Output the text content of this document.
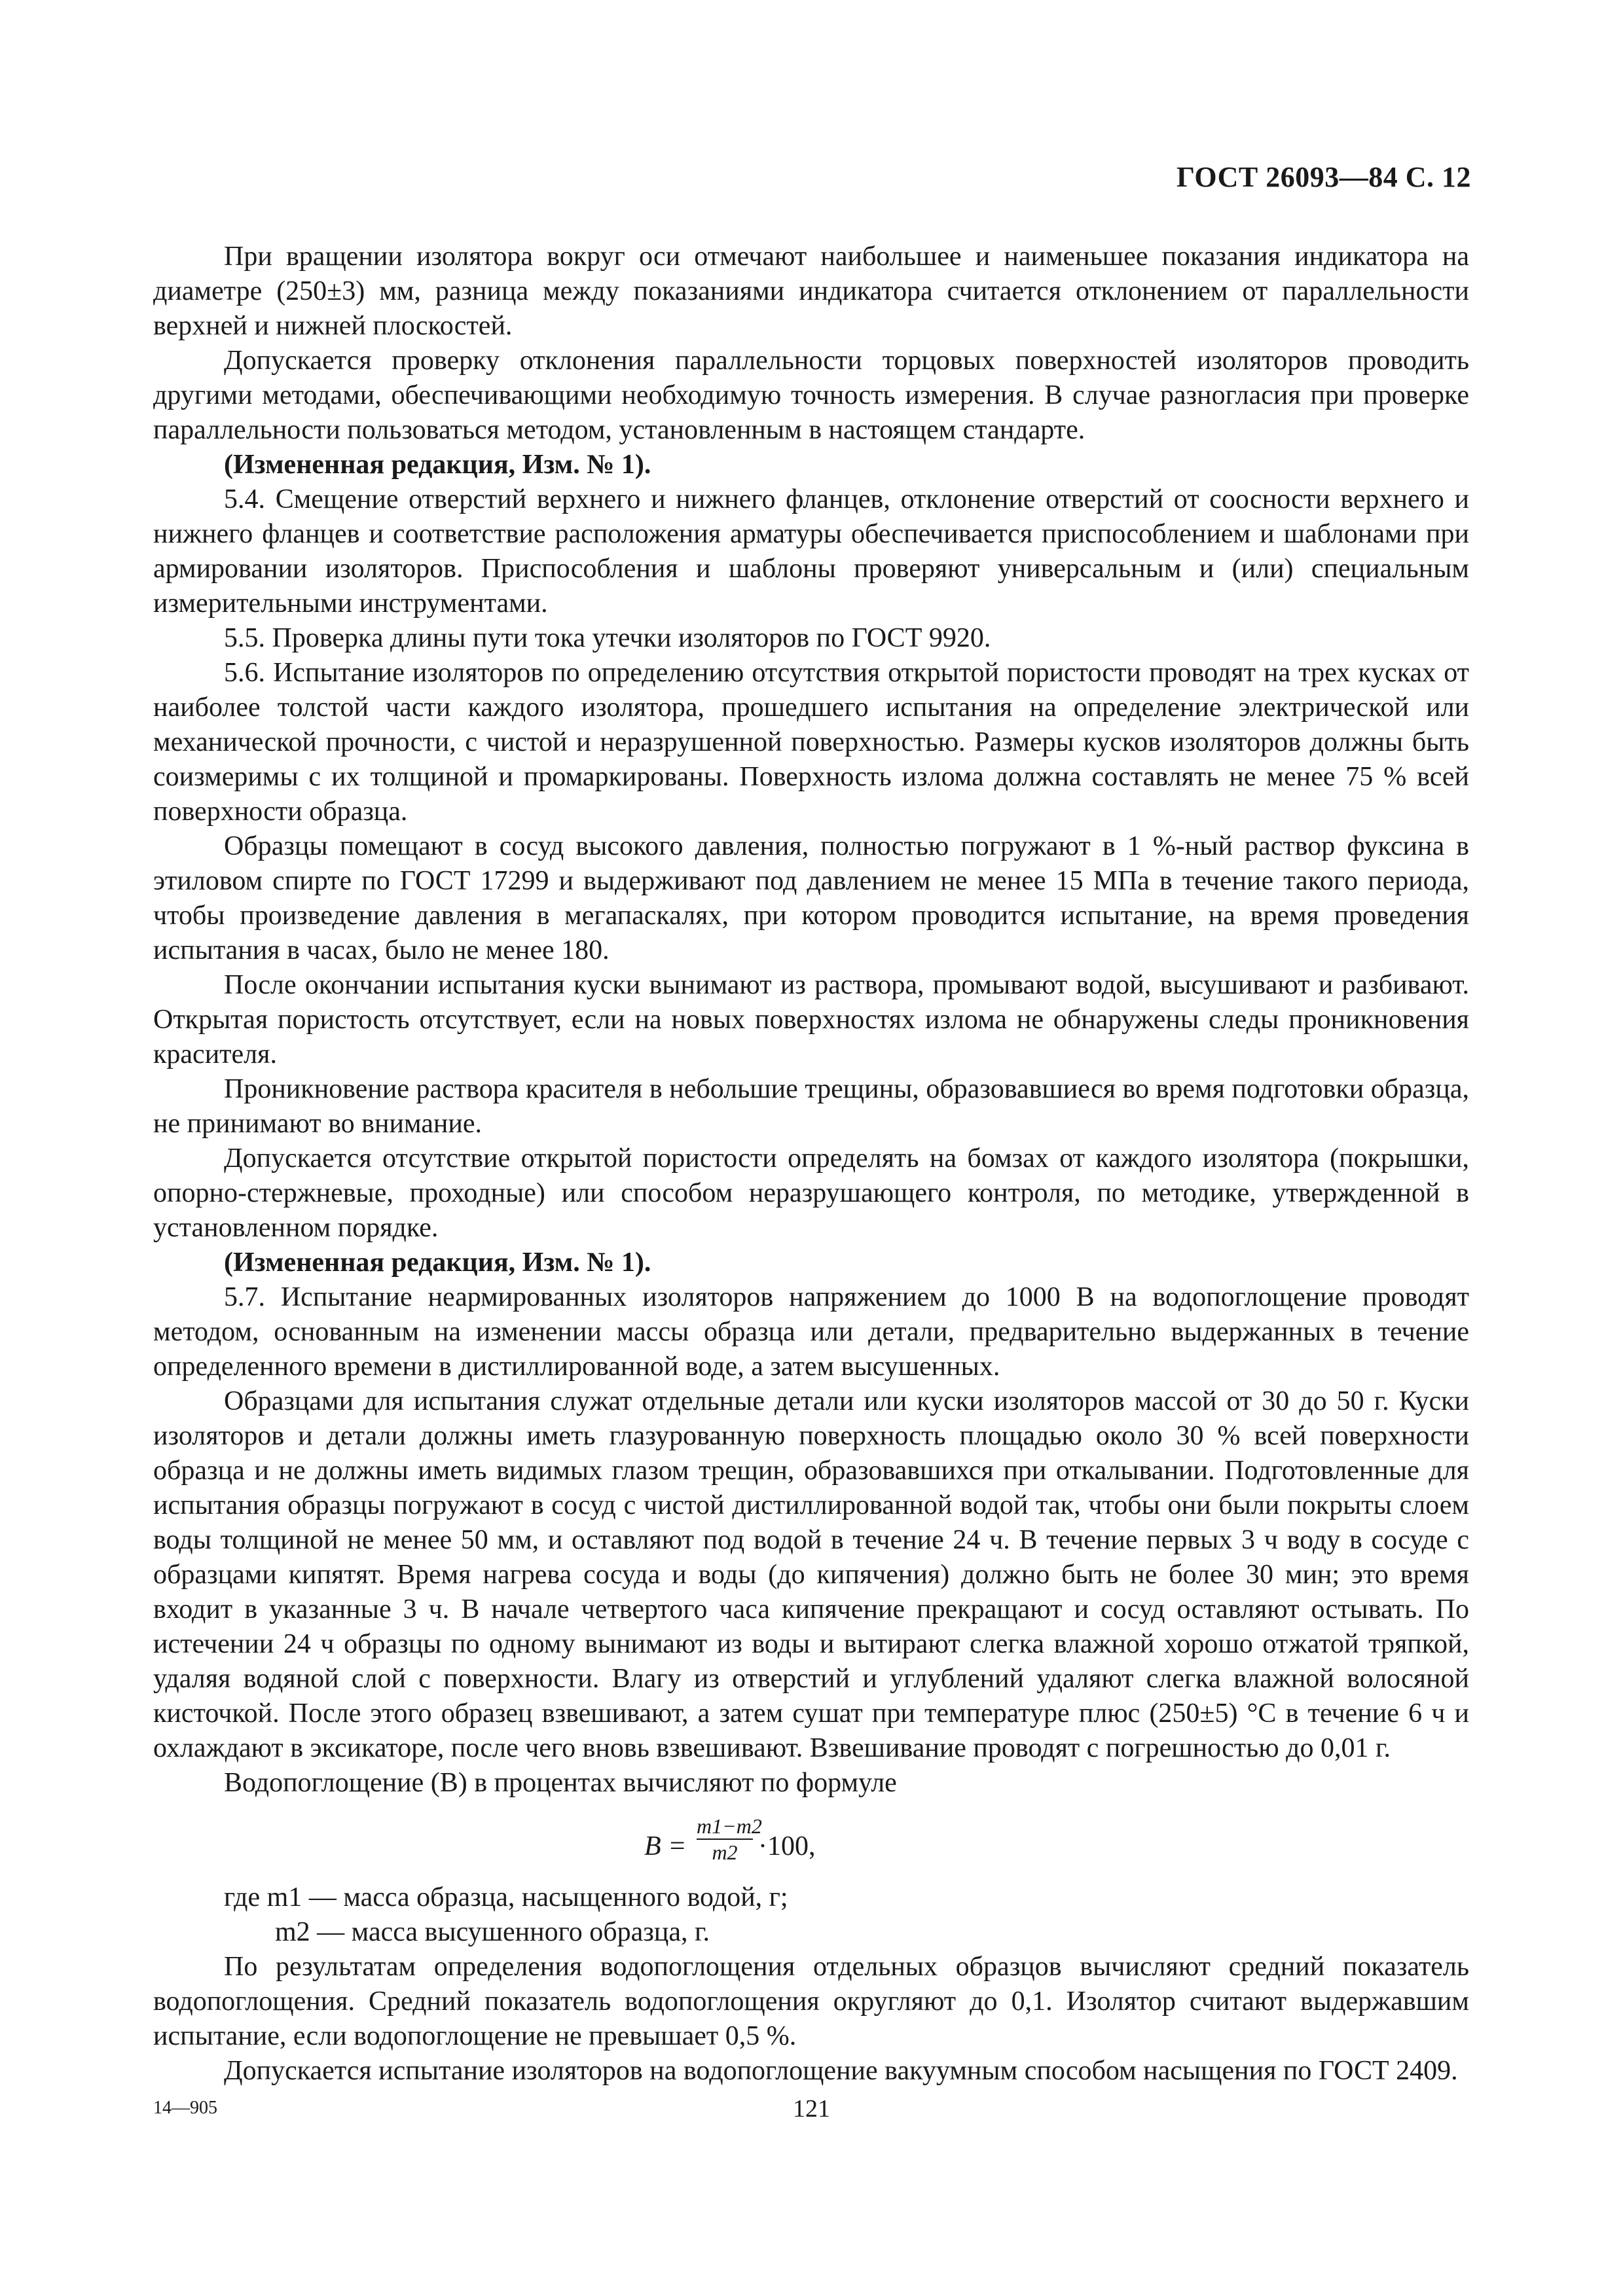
ГОСТ 26093—84 С. 12

При вращении изолятора вокруг оси отмечают наибольшее и наименьшее показания индикатора на диаметре (250±3) мм, разница между показаниями индикатора считается отклонением от параллельности верхней и нижней плоскостей.

Допускается проверку отклонения параллельности торцовых поверхностей изоляторов проводить другими методами, обеспечивающими необходимую точность измерения. В случае разногласия при проверке параллельности пользоваться методом, установленным в настоящем стандарте.

(Измененная редакция, Изм. № 1).

5.4. Смещение отверстий верхнего и нижнего фланцев, отклонение отверстий от соосности верхнего и нижнего фланцев и соответствие расположения арматуры обеспечивается приспособлением и шаблонами при армировании изоляторов. Приспособления и шаблоны проверяют универсальным и (или) специальным измерительными инструментами.

5.5. Проверка длины пути тока утечки изоляторов по ГОСТ 9920.

5.6. Испытание изоляторов по определению отсутствия открытой пористости проводят на трех кусках от наиболее толстой части каждого изолятора, прошедшего испытания на определение электрической или механической прочности, с чистой и неразрушенной поверхностью. Размеры кусков изоляторов должны быть соизмеримы с их толщиной и промаркированы. Поверхность излома должна составлять не менее 75 % всей поверхности образца.

Образцы помещают в сосуд высокого давления, полностью погружают в 1 %-ный раствор фуксина в этиловом спирте по ГОСТ 17299 и выдерживают под давлением не менее 15 МПа в течение такого периода, чтобы произведение давления в мегапаскалях, при котором проводится испытание, на время проведения испытания в часах, было не менее 180.

После окончании испытания куски вынимают из раствора, промывают водой, высушивают и разбивают. Открытая пористость отсутствует, если на новых поверхностях излома не обнаружены следы проникновения красителя.

Проникновение раствора красителя в небольшие трещины, образовавшиеся во время подготовки образца, не принимают во внимание.

Допускается отсутствие открытой пористости определять на бомзах от каждого изолятора (покрышки, опорно-стержневые, проходные) или способом неразрушающего контроля, по методике, утвержденной в установленном порядке.

(Измененная редакция, Изм. № 1).

5.7. Испытание неармированных изоляторов напряжением до 1000 В на водопоглощение проводят методом, основанным на изменении массы образца или детали, предварительно выдержанных в течение определенного времени в дистиллированной воде, а затем высушенных.

Образцами для испытания служат отдельные детали или куски изоляторов массой от 30 до 50 г. Куски изоляторов и детали должны иметь глазурованную поверхность площадью около 30 % всей поверхности образца и не должны иметь видимых глазом трещин, образовавшихся при откалывании. Подготовленные для испытания образцы погружают в сосуд с чистой дистиллированной водой так, чтобы они были покрыты слоем воды толщиной не менее 50 мм, и оставляют под водой в течение 24 ч. В течение первых 3 ч воду в сосуде с образцами кипятят. Время нагрева сосуда и воды (до кипячения) должно быть не более 30 мин; это время входит в указанные 3 ч. В начале четвертого часа кипячение прекращают и сосуд оставляют остывать. По истечении 24 ч образцы по одному вынимают из воды и вытирают слегка влажной хорошо отжатой тряпкой, удаляя водяной слой с поверхности. Влагу из отверстий и углублений удаляют слегка влажной волосяной кисточкой. После этого образец взвешивают, а затем сушат при температуре плюс (250±5) °С в течение 6 ч и охлаждают в эксикаторе, после чего вновь взвешивают. Взвешивание проводят с погрешностью до 0,01 г.

Водопоглощение (В) в процентах вычисляют по формуле

$B = \frac{m1-m2}{m2} \cdot 100$,

где m1 — масса образца, насыщенного водой, г;

m2 — масса высушенного образца, г.

По результатам определения водопоглощения отдельных образцов вычисляют средний показатель водопоглощения. Средний показатель водопоглощения округляют до 0,1. Изолятор считают выдержавшим испытание, если водопоглощение не превышает 0,5 %.

Допускается испытание изоляторов на водопоглощение вакуумным способом насыщения по ГОСТ 2409.

14—905	121
